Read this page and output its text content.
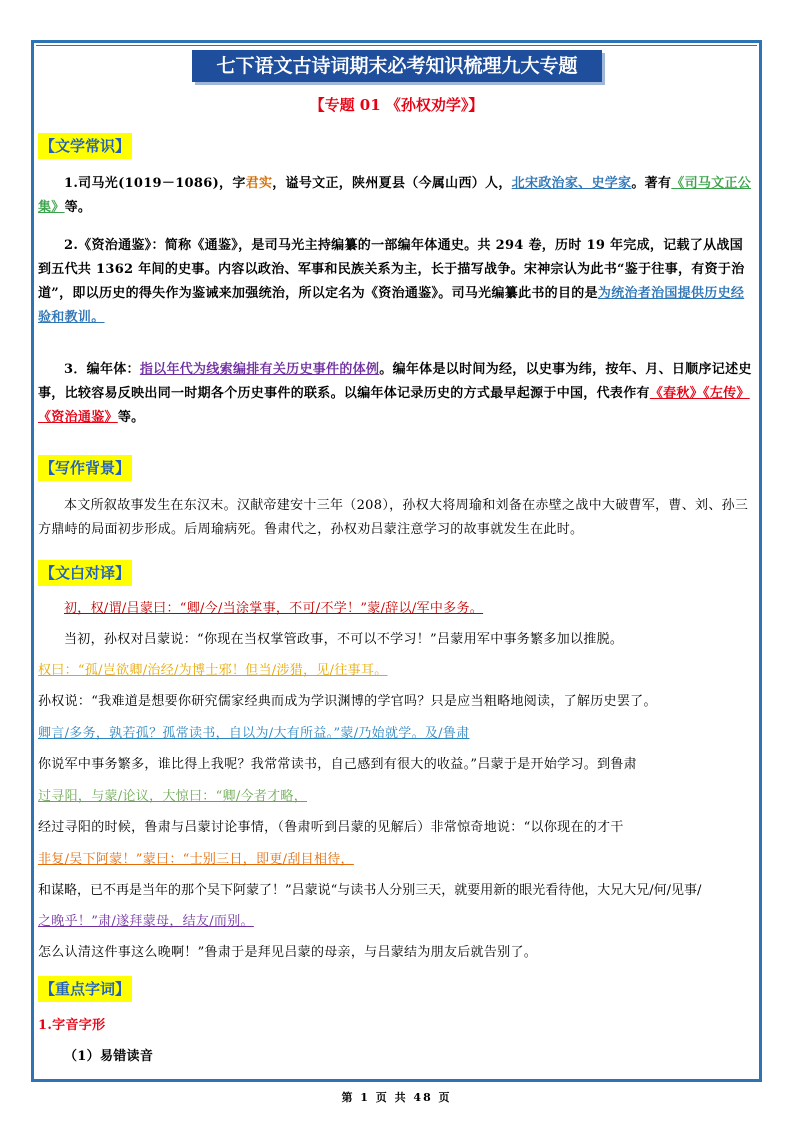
七下语文古诗词期末必考知识梳理九大专题
【专题 01 《孙权劝学》】
【文学常识】
1.司马光(1019－1086)，字君实，谥号文正，陕州夏县（今属山西）人，北宋政治家、史学家。著有《司马文正公集》等。
2.《资治通鉴》：简称《通鉴》，是司马光主持编纂的一部编年体通史。共 294 卷，历时 19 年完成，记载了从战国到五代共 1362 年间的史事。内容以政治、军事和民族关系为主，长于描写战争。宋神宗认为此书“鉴于往事，有资于治道”，即以历史的得失作为鉴诫来加强统治，所以定名为《资治通鉴》。司马光编纂此书的目的是为统治者治国提供历史经验和教训。
3．编年体：指以年代为线索编排有关历史事件的体例。编年体是以时间为经，以史事为纬，按年、月、日顺序记述史事，比较容易反映出同一时期各个历史事件的联系。以编年体记录历史的方式最早起源于中国，代表作有《春秋》《左传》《资治通鉴》等。
【写作背景】
本文所叙故事发生在东汉末。汉献帝建安十三年（208），孙权大将周瑜和刘备在赤壁之战中大破曹军，曹、刘、孙三方鼎峙的局面初步形成。后周瑜病死。鲁肃代之，孙权劝吕蒙注意学习的故事就发生在此时。
【文白对译】
初，权/谓/吕蒙曰：“卿/今/当涂掌事，不可/不学！”蒙/辞以/军中多务。
当初，孙权对吕蒙说：“你现在当权掌管政事，不可以不学习！”吕蒙用军中事务繁多加以推脱。
权曰：“孤/岂欲卿/治经/为博士邪！但当/涉猎，见/往事耳。
孙权说：“我难道是想要你研究儒家经典而成为学识渊博的学官吗？只是应当粗略地阅读，了解历史罢了。
卿言/多务，孰若孤？孤常读书，自以为/大有所益。”蒙/乃始就学。及/鲁肃
你说军中事务繁多，谁比得上我呢？我常常读书，自己感到有很大的收益。”吕蒙于是开始学习。到鲁肃
过寻阳，与蒙/论议，大惊曰：“卿/今者才略，
经过寻阳的时候，鲁肃与吕蒙讨论事情，（鲁肃听到吕蒙的见解后）非常惊奇地说：“以你现在的才干
非复/吴下阿蒙！”蒙曰：“士别三日，即更/刮目相待，
和谋略，已不再是当年的那个吴下阿蒙了！”吕蒙说“与读书人分别三天，就要用新的眼光看待他，大兄大兄/何/见事/
之晚乎！”肃/遂拜蒙母，结友/而别。
怎么认清这件事这么晚啊！”鲁肃于是拜见吕蒙的母亲，与吕蒙结为朋友后就告别了。
【重点字词】
1.字音字形
（1）易错读音
第 1 页 共 48 页
